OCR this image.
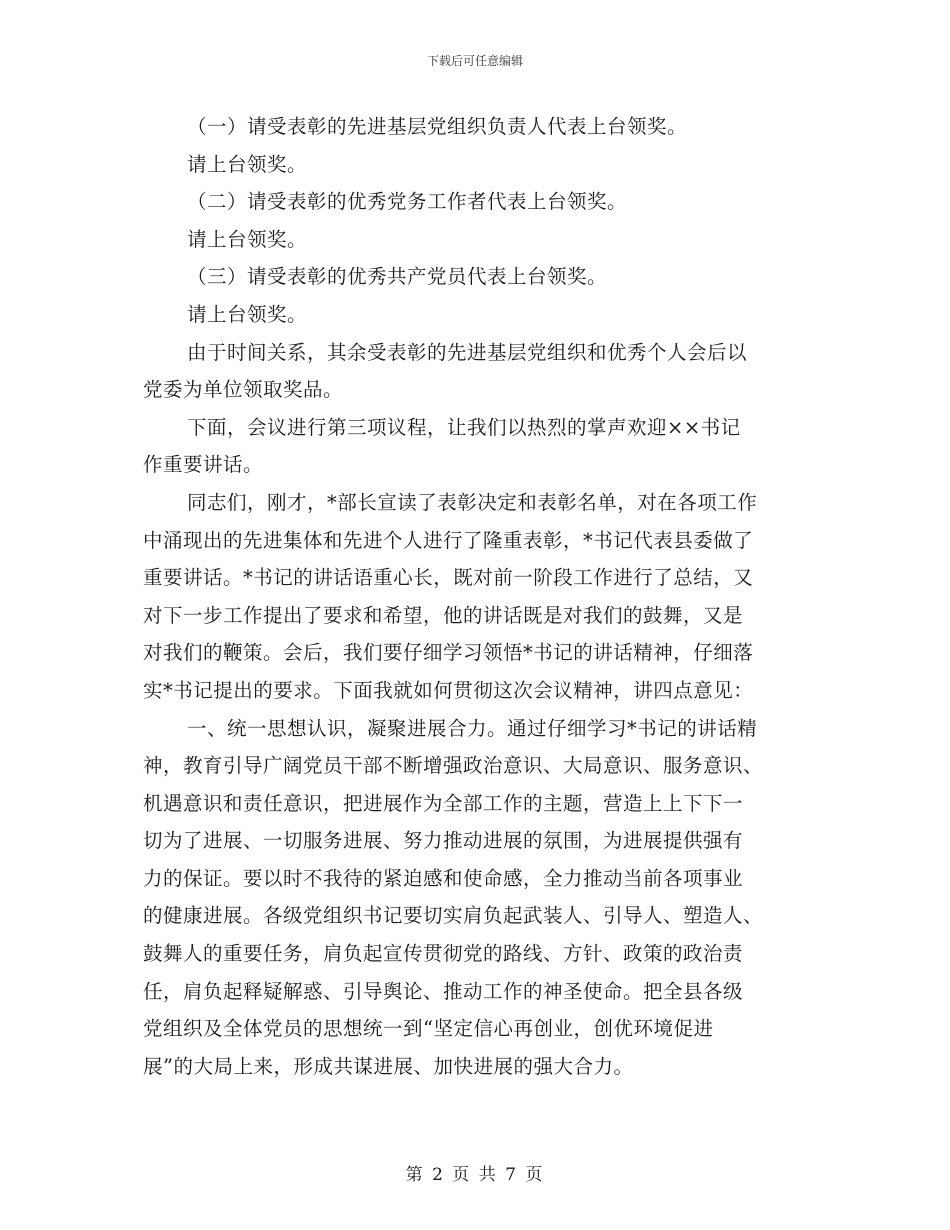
下载后可任意编辑
（一）请受表彰的先进基层党组织负责人代表上台领奖。
请上台领奖。
（二）请受表彰的优秀党务工作者代表上台领奖。
请上台领奖。
（三）请受表彰的优秀共产党员代表上台领奖。
请上台领奖。
由于时间关系，其余受表彰的先进基层党组织和优秀个人会后以
党委为单位领取奖品。
下面，会议进行第三项议程，让我们以热烈的掌声欢迎××书记
作重要讲话。
同志们，刚才，*部长宣读了表彰决定和表彰名单，对在各项工作
中涌现出的先进集体和先进个人进行了隆重表彰，*书记代表县委做了
重要讲话。*书记的讲话语重心长，既对前一阶段工作进行了总结，又
对下一步工作提出了要求和希望，他的讲话既是对我们的鼓舞，又是
对我们的鞭策。会后，我们要仔细学习领悟*书记的讲话精神，仔细落
实*书记提出的要求。下面我就如何贯彻这次会议精神，讲四点意见：
一、统一思想认识，凝聚进展合力。通过仔细学习*书记的讲话精
神，教育引导广阔党员干部不断增强政治意识、大局意识、服务意识、
机遇意识和责任意识，把进展作为全部工作的主题，营造上上下下一
切为了进展、一切服务进展、努力推动进展的氛围，为进展提供强有
力的保证。要以时不我待的紧迫感和使命感，全力推动当前各项事业
的健康进展。各级党组织书记要切实肩负起武装人、引导人、塑造人、
鼓舞人的重要任务，肩负起宣传贯彻党的路线、方针、政策的政治责
任，肩负起释疑解惑、引导舆论、推动工作的神圣使命。把全县各级
党组织及全体党员的思想统一到“坚定信心再创业，创优环境促进
展”的大局上来，形成共谋进展、加快进展的强大合力。
第 2 页 共 7 页
